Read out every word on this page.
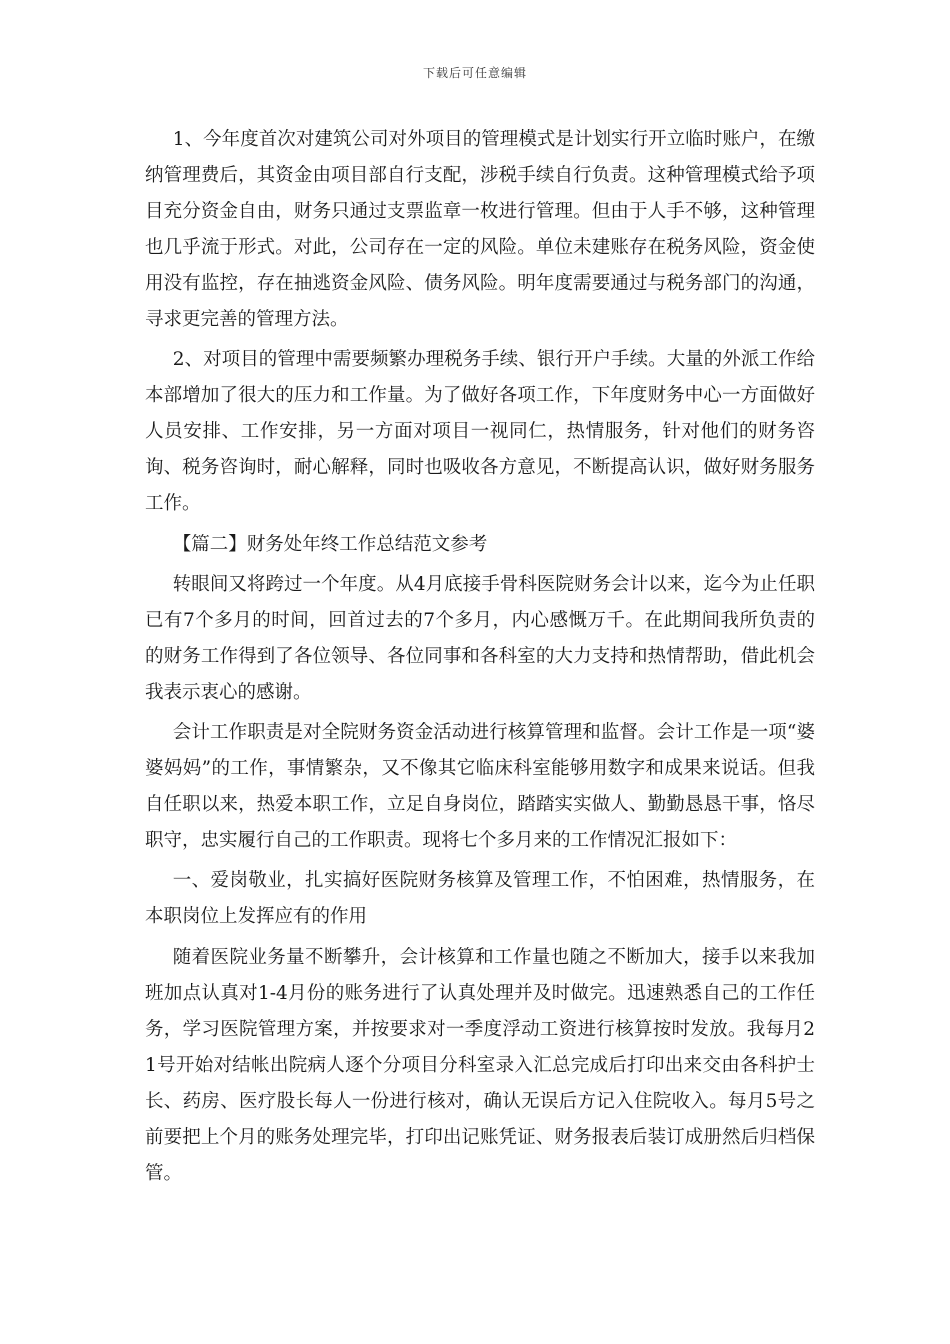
下载后可任意编辑

1、今年度首次对建筑公司对外项目的管理模式是计划实行开立临时账户，在缴纳管理费后，其资金由项目部自行支配，涉税手续自行负责。这种管理模式给予项目充分资金自由，财务只通过支票监章一枚进行管理。但由于人手不够，这种管理也几乎流于形式。对此，公司存在一定的风险。单位未建账存在税务风险，资金使用没有监控，存在抽逃资金风险、债务风险。明年度需要通过与税务部门的沟通，寻求更完善的管理方法。

2、对项目的管理中需要频繁办理税务手续、银行开户手续。大量的外派工作给本部增加了很大的压力和工作量。为了做好各项工作，下年度财务中心一方面做好人员安排、工作安排，另一方面对项目一视同仁，热情服务，针对他们的财务咨询、税务咨询时，耐心解释，同时也吸收各方意见，不断提高认识，做好财务服务工作。

【篇二】财务处年终工作总结范文参考

转眼间又将跨过一个年度。从4月底接手骨科医院财务会计以来，迄今为止任职已有7个多月的时间，回首过去的7个多月，内心感慨万千。在此期间我所负责的的财务工作得到了各位领导、各位同事和各科室的大力支持和热情帮助，借此机会我表示衷心的感谢。

会计工作职责是对全院财务资金活动进行核算管理和监督。会计工作是一项“婆婆妈妈”的工作，事情繁杂，又不像其它临床科室能够用数字和成果来说话。但我自任职以来，热爱本职工作，立足自身岗位，踏踏实实做人、勤勤恳恳干事，恪尽职守，忠实履行自己的工作职责。现将七个多月来的工作情况汇报如下：

一、爱岗敬业，扎实搞好医院财务核算及管理工作，不怕困难，热情服务，在本职岗位上发挥应有的作用

随着医院业务量不断攀升，会计核算和工作量也随之不断加大，接手以来我加班加点认真对1-4月份的账务进行了认真处理并及时做完。迅速熟悉自己的工作任务，学习医院管理方案，并按要求对一季度浮动工资进行核算按时发放。我每月21号开始对结帐出院病人逐个分项目分科室录入汇总完成后打印出来交由各科护士长、药房、医疗股长每人一份进行核对，确认无误后方记入住院收入。每月5号之前要把上个月的账务处理完毕，打印出记账凭证、财务报表后装订成册然后归档保管。
